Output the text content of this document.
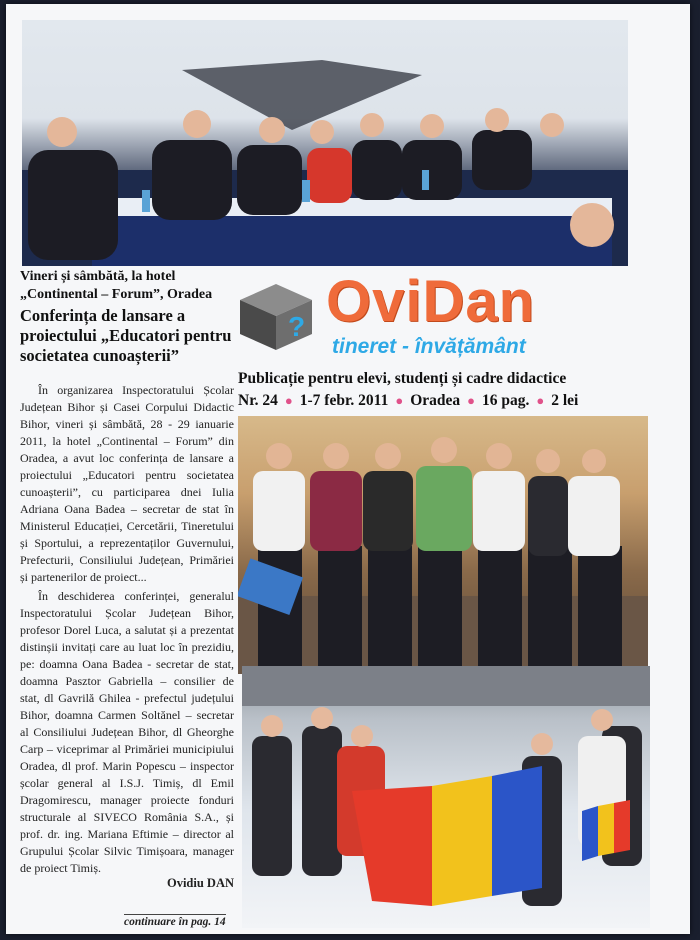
Vineri și sâmbătă, la hotel „Continental – Forum”, Oradea
Conferința de lansare a proiectului „Educatori pentru societatea cunoașterii”

În organizarea Inspectoratului Școlar Județean Bihor și Casei Corpului Didactic Bihor, vineri și sâmbătă, 28 - 29 ianuarie 2011, la hotel „Continental – Forum” din Oradea, a avut loc conferința de lansare a proiectului „Educatori pentru societatea cunoașterii”, cu participarea dnei Iulia Adriana Oana Badea – secretar de stat în Ministerul Educației, Cercetării, Tineretului și Sportului, a reprezentaților Guvernului, Prefecturii, Consiliului Județean, Primăriei și partenerilor de proiect...

În deschiderea conferinței, generalul Inspectoratului Școlar Județean Bihor, profesor Dorel Luca, a salutat și a prezentat distinșii invitați care au luat loc în prezidiu, pe: doamna Oana Badea - secretar de stat, doamna Pasztor Gabriella – consilier de stat, dl Gavrilă Ghilea - prefectul județului Bihor, doamna Carmen Soltănel – secretar al Consiliului Județean Bihor, dl Gheorghe Carp – viceprimar al Primăriei municipiului Oradea, dl prof. Marin Popescu – inspector școlar general al I.S.J. Timiș, dl Emil Dragomirescu, manager proiecte fonduri structurale al SIVECO România S.A., și prof. dr. ing. Mariana Eftimie – director al Grupului Școlar Silvic Timișoara, manager de proiect Timiș.

Ovidiu DAN
continuare în pag. 14
? OviDan
tineret - învățământ
Publicație pentru elevi, studenți și cadre didactice
Nr. 24 ● 1-7 febr. 2011 ● Oradea ● 16 pag. ● 2 lei
